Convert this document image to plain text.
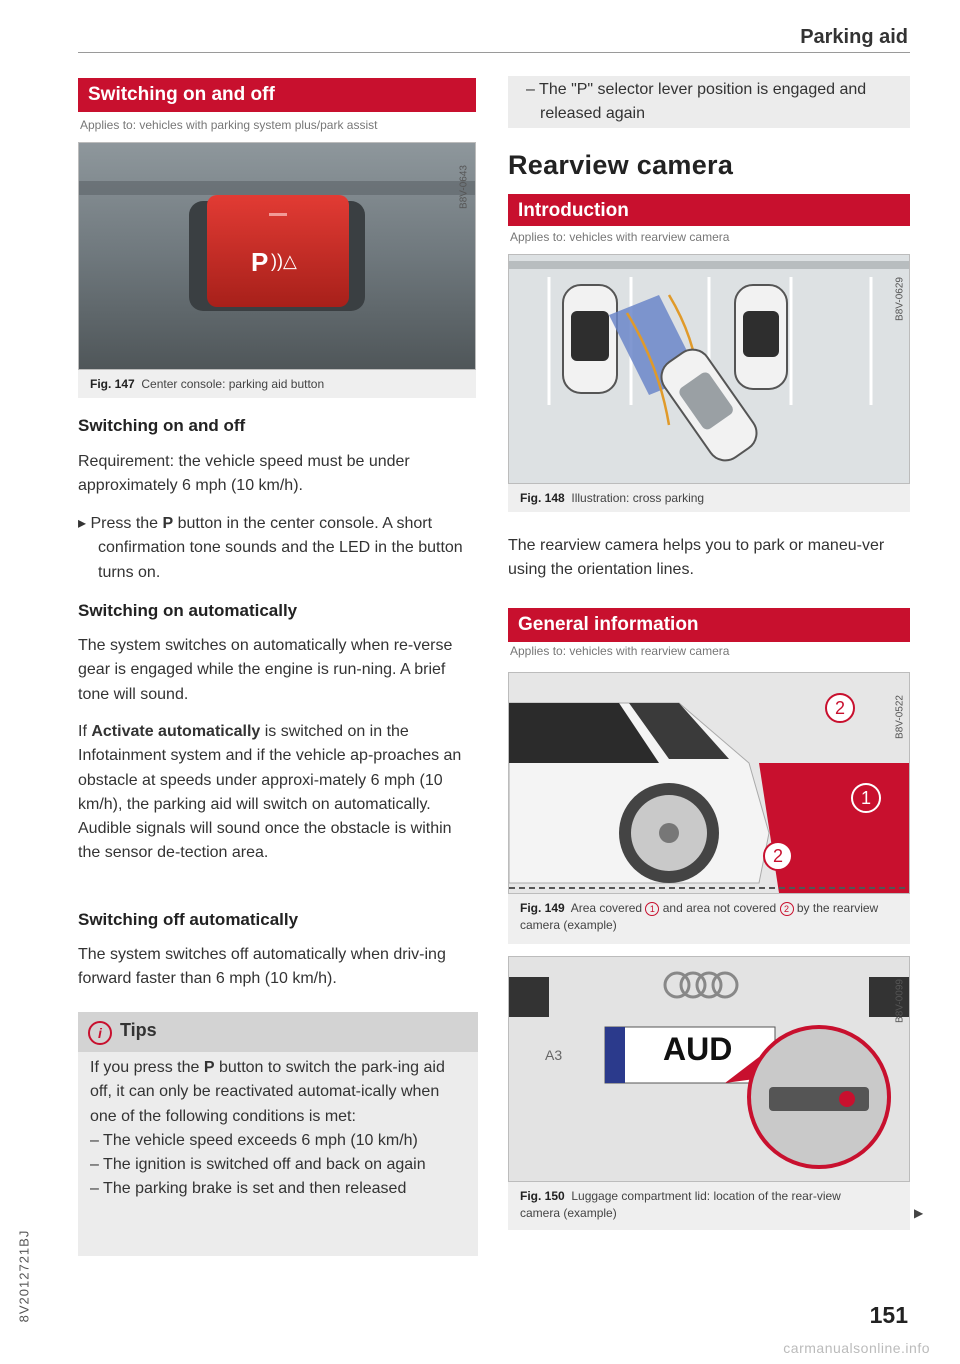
Parking aid
8V2012721BJ
Switching on and off
Applies to: vehicles with parking system plus/park assist
P ))△
B8V-0643
Fig. 147 Center console: parking aid button
Switching on and off

Requirement: the vehicle speed must be under approximately 6 mph (10 km/h).

▸ Press the P button in the center console. A short confirmation tone sounds and the LED in the button turns on.

Switching on automatically

The system switches on automatically when re-verse gear is engaged while the engine is run-ning. A brief tone will sound.

If Activate automatically is switched on in the Infotainment system and if the vehicle ap-proaches an obstacle at speeds under approxi-mately 6 mph (10 km/h), the parking aid will switch on automatically. Audible signals will sound once the obstacle is within the sensor de-tection area.

Switching off automatically

The system switches off automatically when driv-ing forward faster than 6 mph (10 km/h).

i Tips

If you press the P button to switch the park-ing aid off, it can only be reactivated automat-ically when one of the following conditions is met:

– The vehicle speed exceeds 6 mph (10 km/h)

– The ignition is switched off and back on again

– The parking brake is set and then released

– The "P" selector lever position is engaged and released again

Rearview camera
Introduction
Applies to: vehicles with rearview camera
B8V-0629
Fig. 148 Illustration: cross parking

The rearview camera helps you to park or maneu-ver using the orientation lines.

General information
Applies to: vehicles with rearview camera
2
1
2
B8V-0522
Fig. 149 Area covered 1 and area not covered 2 by the rearview camera (example)
AUD
A3
B8V-0099
Fig. 150 Luggage compartment lid: location of the rear-view camera (example)	▶
151
carmanualsonline.info
